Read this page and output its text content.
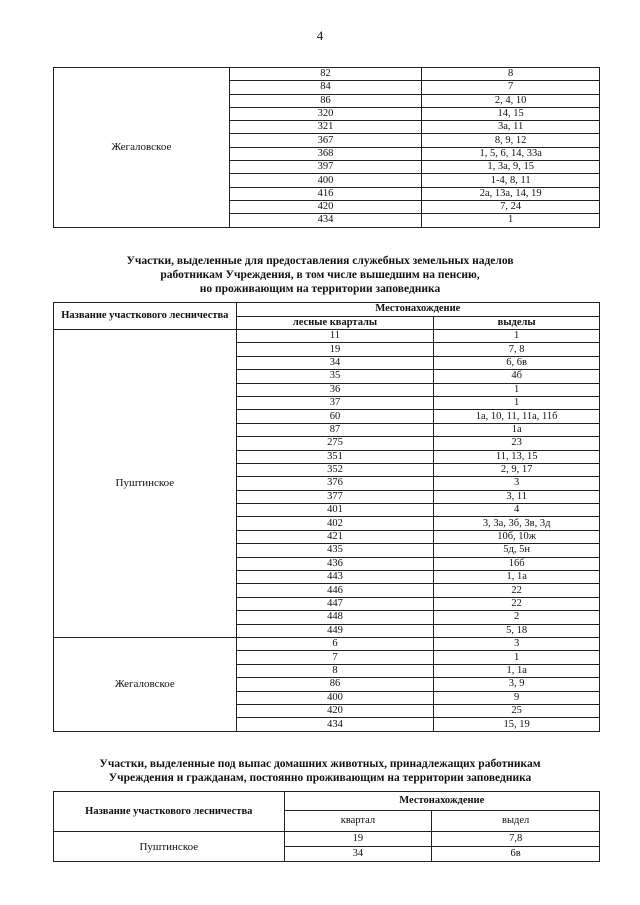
4
Жегаловское	82	8
	84	7
	86	2, 4, 10
	320	14, 15
	321	3а, 11
	367	8, 9, 12
	368	1, 5, 6, 14, 33а
	397	1, 3а, 9, 15
	400	1-4, 8, 11
	416	2а, 13а, 14, 19
	420	7, 24
	434	1
Участки, выделенные для предоставления служебных земельных наделов
работникам Учреждения, в том числе вышедшим на пенсию,
но проживающим на территории заповедника
Название участкового лесничества	Местонахождение	
	лесные кварталы	выделы
Пуштинское	11	1
	19	7, 8
	34	6, 6в
	35	4б
	36	1
	37	1
	60	1а, 10, 11, 11а, 11б
	87	1а
	275	23
	351	11, 13, 15
	352	2, 9, 17
	376	3
	377	3, 11
	401	4
	402	3, 3а, 3б, 3в, 3д
	421	10б, 10ж
	435	5д, 5н
	436	16б
	443	1, 1а
	446	22
	447	22
	448	2
	449	5, 18
Жегаловское	6	3
	7	1
	8	1, 1а
	86	3, 9
	400	9
	420	25
	434	15, 19
Участки, выделенные под выпас домашних животных, принадлежащих работникам
Учреждения и гражданам, постоянно проживающим на территории заповедника
Название участкового лесничества	Местонахождение	
	квартал	выдел
Пуштинское	19	7,8
	34	6в
